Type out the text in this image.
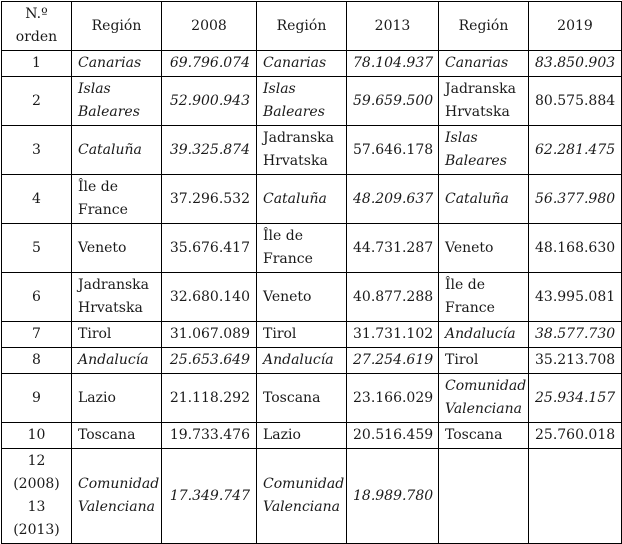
N.º orden	Región	2008	Región	2013	Región	2019
1	Canarias	69.796.074	Canarias	78.104.937	Canarias	83.850.903
2	Islas Baleares	52.900.943	Islas Baleares	59.659.500	Jadranska Hrvatska	80.575.884
3	Cataluña	39.325.874	Jadranska Hrvatska	57.646.178	Islas Baleares	62.281.475
4	Île de France	37.296.532	Cataluña	48.209.637	Cataluña	56.377.980
5	Veneto	35.676.417	Île de France	44.731.287	Veneto	48.168.630
6	Jadranska Hrvatska	32.680.140	Veneto	40.877.288	Île de France	43.995.081
7	Tirol	31.067.089	Tirol	31.731.102	Andalucía	38.577.730
8	Andalucía	25.653.649	Andalucía	27.254.619	Tirol	35.213.708
9	Lazio	21.118.292	Toscana	23.166.029	Comunidad Valenciana	25.934.157
10	Toscana	19.733.476	Lazio	20.516.459	Toscana	25.760.018
12 (2008) 13 (2013)	Comunidad Valenciana	17.349.747	Comunidad Valenciana	18.989.780		
